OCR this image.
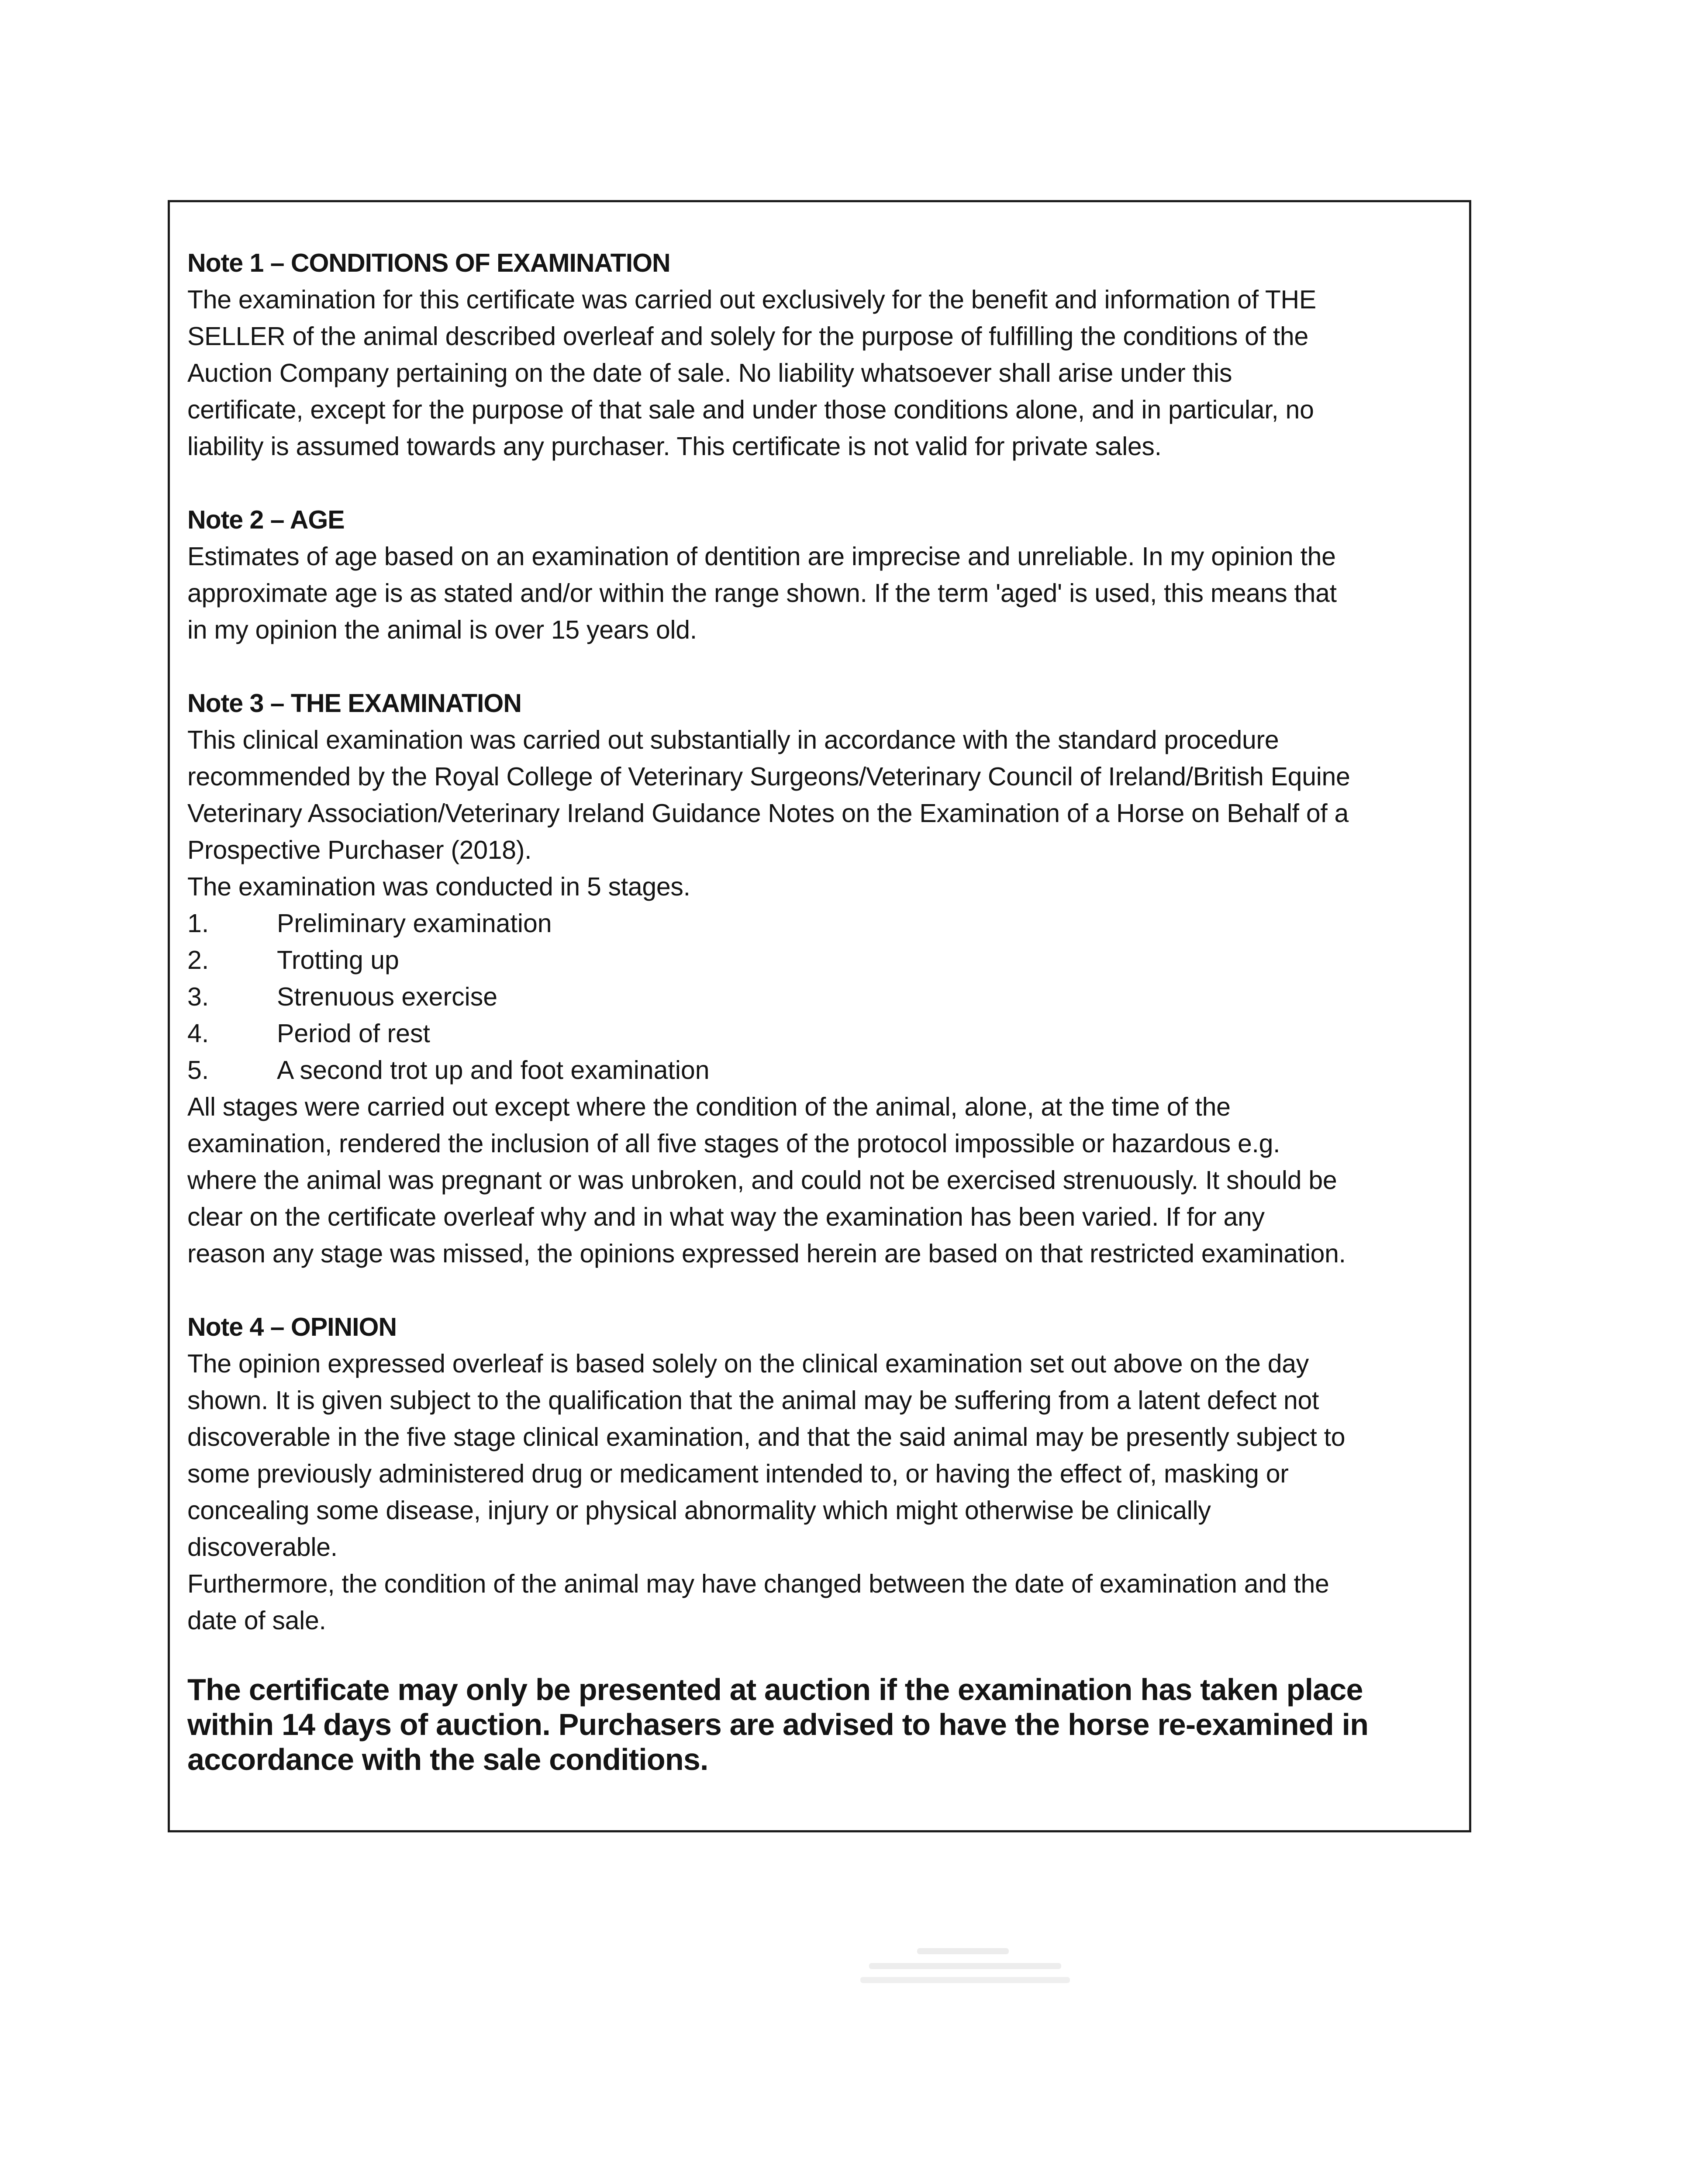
Note 1 – CONDITIONS OF EXAMINATION

The examination for this certificate was carried out exclusively for the benefit and information of THE

SELLER of the animal described overleaf and solely for the purpose of fulfilling the conditions of the

Auction Company pertaining on the date of sale. No liability whatsoever shall arise under this

certificate, except for the purpose of that sale and under those conditions alone, and in particular, no

liability is assumed towards any purchaser. This certificate is not valid for private sales.

Note 2 – AGE

Estimates of age based on an examination of dentition are imprecise and unreliable. In my opinion the

approximate age is as stated and/or within the range shown. If the term 'aged' is used, this means that

in my opinion the animal is over 15 years old.

Note 3 – THE EXAMINATION

This clinical examination was carried out substantially in accordance with the standard procedure

recommended by the Royal College of Veterinary Surgeons/Veterinary Council of Ireland/British Equine

Veterinary Association/Veterinary Ireland Guidance Notes on the Examination of a Horse on Behalf of a

Prospective Purchaser (2018).

The examination was conducted in 5 stages.

1.	Preliminary examination
2.	Trotting up
3.	Strenuous exercise
4.	Period of rest
5.	A second trot up and foot examination

All stages were carried out except where the condition of the animal, alone, at the time of the

examination, rendered the inclusion of all five stages of the protocol impossible or hazardous e.g.

where the animal was pregnant or was unbroken, and could not be exercised strenuously. It should be

clear on the certificate overleaf why and in what way the examination has been varied. If for any

reason any stage was missed, the opinions expressed herein are based on that restricted examination.

Note 4 – OPINION

The opinion expressed overleaf is based solely on the clinical examination set out above on the day

shown. It is given subject to the qualification that the animal may be suffering from a latent defect not

discoverable in the five stage clinical examination, and that the said animal may be presently subject to

some previously administered drug or medicament intended to, or having the effect of, masking or

concealing some disease, injury or physical abnormality which might otherwise be clinically

discoverable.

Furthermore, the condition of the animal may have changed between the date of examination and the

date of sale.

The certificate may only be presented at auction if the examination has taken place

within 14 days of auction. Purchasers are advised to have the horse re-examined in

accordance with the sale conditions.
